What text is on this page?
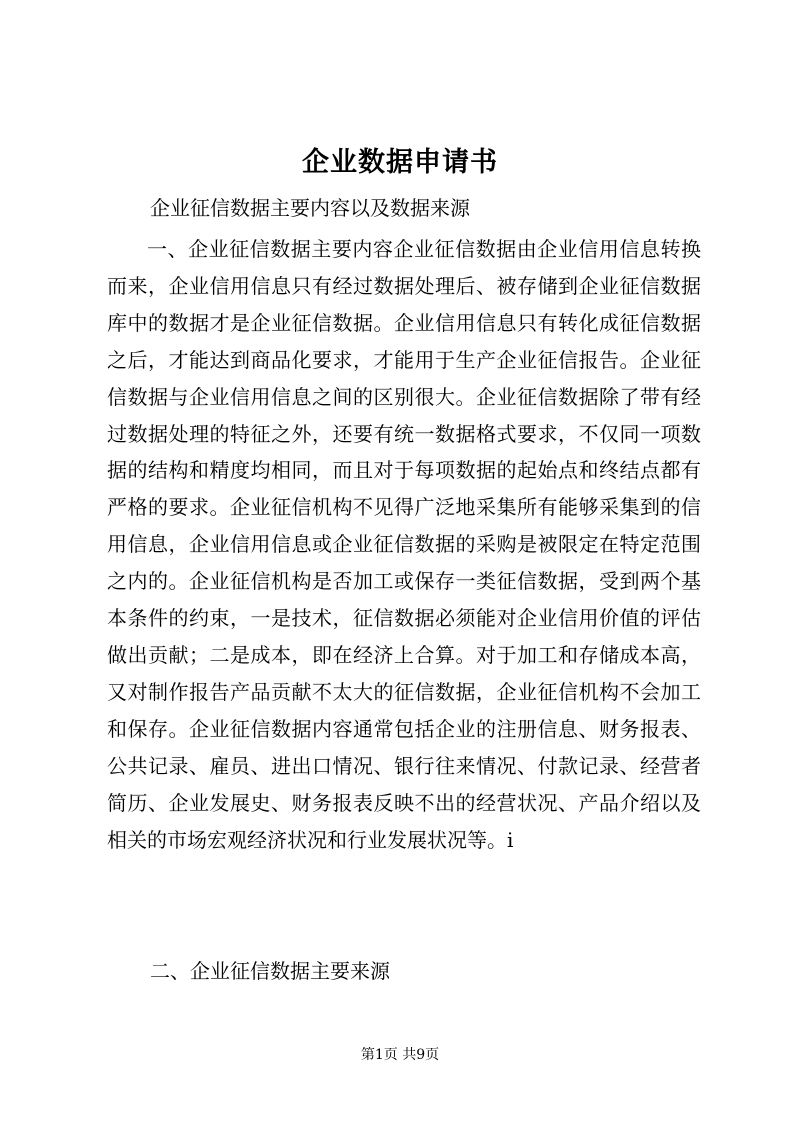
企业数据申请书
企业征信数据主要内容以及数据来源
一、企业征信数据主要内容企业征信数据由企业信用信息转换而来，企业信用信息只有经过数据处理后、被存储到企业征信数据库中的数据才是企业征信数据。企业信用信息只有转化成征信数据之后，才能达到商品化要求，才能用于生产企业征信报告。企业征信数据与企业信用信息之间的区别很大。企业征信数据除了带有经过数据处理的特征之外，还要有统一数据格式要求，不仅同一项数据的结构和精度均相同，而且对于每项数据的起始点和终结点都有严格的要求。企业征信机构不见得广泛地采集所有能够采集到的信用信息，企业信用信息或企业征信数据的采购是被限定在特定范围之内的。企业征信机构是否加工或保存一类征信数据，受到两个基本条件的约束，一是技术，征信数据必须能对企业信用价值的评估做出贡献；二是成本，即在经济上合算。对于加工和存储成本高，又对制作报告产品贡献不太大的征信数据，企业征信机构不会加工和保存。企业征信数据内容通常包括企业的注册信息、财务报表、公共记录、雇员、进出口情况、银行往来情况、付款记录、经营者简历、企业发展史、财务报表反映不出的经营状况、产品介绍以及相关的市场宏观经济状况和行业发展状况等。i
二、企业征信数据主要来源
第1页 共9页
